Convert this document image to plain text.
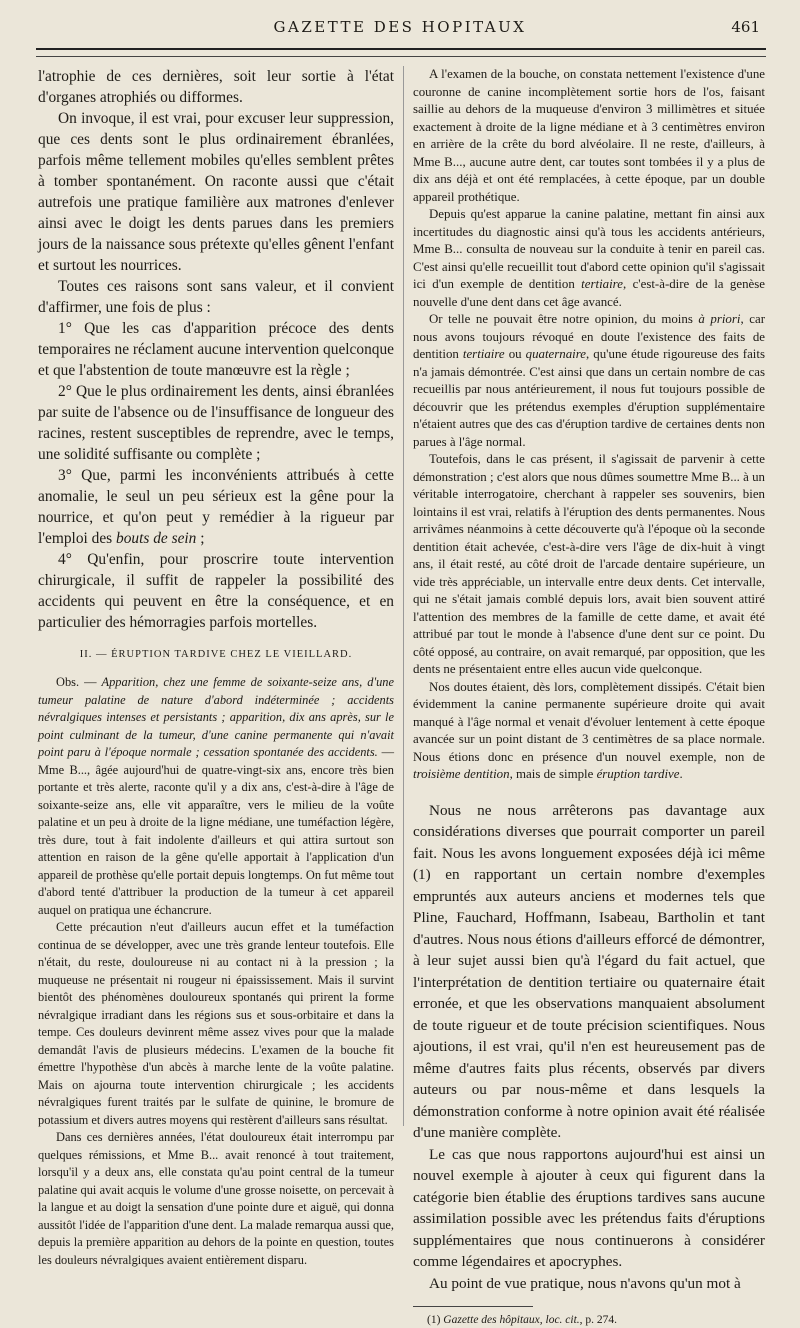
GAZETTE DES HOPITAUX	461

l'atrophie de ces dernières, soit leur sortie à l'état d'organes atrophiés ou difformes.

On invoque, il est vrai, pour excuser leur suppression, que ces dents sont le plus ordinairement ébranlées, parfois même tellement mobiles qu'elles semblent prêtes à tomber spontanément. On raconte aussi que c'était autrefois une pratique familière aux matrones d'enlever ainsi avec le doigt les dents parues dans les premiers jours de la naissance sous prétexte qu'elles gênent l'enfant et surtout les nourrices.

Toutes ces raisons sont sans valeur, et il convient d'affirmer, une fois de plus :

1° Que les cas d'apparition précoce des dents temporaires ne réclament aucune intervention quelconque et que l'abstention de toute manœuvre est la règle ;

2° Que le plus ordinairement les dents, ainsi ébranlées par suite de l'absence ou de l'insuffisance de longueur des racines, restent susceptibles de reprendre, avec le temps, une solidité suffisante ou complète ;

3° Que, parmi les inconvénients attribués à cette anomalie, le seul un peu sérieux est la gêne pour la nourrice, et qu'on peut y remédier à la rigueur par l'emploi des bouts de sein ;

4° Qu'enfin, pour proscrire toute intervention chirurgicale, il suffit de rappeler la possibilité des accidents qui peuvent en être la conséquence, et en particulier des hémorragies parfois mortelles.

II. — ÉRUPTION TARDIVE CHEZ LE VIEILLARD.

Obs. — Apparition, chez une femme de soixante-seize ans, d'une tumeur palatine de nature d'abord indéterminée ; accidents névralgiques intenses et persistants ; apparition, dix ans après, sur le point culminant de la tumeur, d'une canine permanente qui n'avait point paru à l'époque normale ; cessation spontanée des accidents. — Mme B..., âgée aujourd'hui de quatre-vingt-six ans, encore très bien portante et très alerte, raconte qu'il y a dix ans, c'est-à-dire à l'âge de soixante-seize ans, elle vit apparaître, vers le milieu de la voûte palatine et un peu à droite de la ligne médiane, une tuméfaction légère, très dure, tout à fait indolente d'ailleurs et qui attira surtout son attention en raison de la gêne qu'elle apportait à l'application d'un appareil de prothèse qu'elle portait depuis longtemps. On fut même tout d'abord tenté d'attribuer la production de la tumeur à cet appareil auquel on pratiqua une échancrure.

Cette précaution n'eut d'ailleurs aucun effet et la tuméfaction continua de se développer, avec une très grande lenteur toutefois. Elle n'était, du reste, douloureuse ni au contact ni à la pression ; la muqueuse ne présentait ni rougeur ni épaississement. Mais il survint bientôt des phénomènes douloureux spontanés qui prirent la forme névralgique irradiant dans les régions sus et sous-orbitaire et dans la tempe. Ces douleurs devinrent même assez vives pour que la malade demandât l'avis de plusieurs médecins. L'examen de la bouche fit émettre l'hypothèse d'un abcès à marche lente de la voûte palatine. Mais on ajourna toute intervention chirurgicale ; les accidents névralgiques furent traités par le sulfate de quinine, le bromure de potassium et divers autres moyens qui restèrent d'ailleurs sans résultat.

Dans ces dernières années, l'état douloureux était interrompu par quelques rémissions, et Mme B... avait renoncé à tout traitement, lorsqu'il y a deux ans, elle constata qu'au point central de la tumeur palatine qui avait acquis le volume d'une grosse noisette, on percevait à la langue et au doigt la sensation d'une pointe dure et aiguë, qui donna aussitôt l'idée de l'apparition d'une dent. La malade remarqua aussi que, depuis la première apparition au dehors de la pointe en question, toutes les douleurs névralgiques avaient entièrement disparu.

A l'examen de la bouche, on constata nettement l'existence d'une couronne de canine incomplètement sortie hors de l'os, faisant saillie au dehors de la muqueuse d'environ 3 millimètres et située exactement à droite de la ligne médiane et à 3 centimètres environ en arrière de la crête du bord alvéolaire. Il ne reste, d'ailleurs, à Mme B..., aucune autre dent, car toutes sont tombées il y a plus de dix ans déjà et ont été remplacées, à cette époque, par un double appareil prothétique.

Depuis qu'est apparue la canine palatine, mettant fin ainsi aux incertitudes du diagnostic ainsi qu'à tous les accidents antérieurs, Mme B... consulta de nouveau sur la conduite à tenir en pareil cas. C'est ainsi qu'elle recueillit tout d'abord cette opinion qu'il s'agissait ici d'un exemple de dentition tertiaire, c'est-à-dire de la genèse nouvelle d'une dent dans cet âge avancé.

Or telle ne pouvait être notre opinion, du moins à priori, car nous avons toujours révoqué en doute l'existence des faits de dentition tertiaire ou quaternaire, qu'une étude rigoureuse des faits n'a jamais démontrée. C'est ainsi que dans un certain nombre de cas recueillis par nous antérieurement, il nous fut toujours possible de découvrir que les prétendus exemples d'éruption supplémentaire n'étaient autres que des cas d'éruption tardive de certaines dents non parues à l'âge normal.

Toutefois, dans le cas présent, il s'agissait de parvenir à cette démonstration ; c'est alors que nous dûmes soumettre Mme B... à un véritable interrogatoire, cherchant à rappeler ses souvenirs, bien lointains il est vrai, relatifs à l'éruption des dents permanentes. Nous arrivâmes néanmoins à cette découverte qu'à l'époque où la seconde dentition était achevée, c'est-à-dire vers l'âge de dix-huit à vingt ans, il était resté, au côté droit de l'arcade dentaire supérieure, un vide très appréciable, un intervalle entre deux dents. Cet intervalle, qui ne s'était jamais comblé depuis lors, avait bien souvent attiré l'attention des membres de la famille de cette dame, et avait été attribué par tout le monde à l'absence d'une dent sur ce point. Du côté opposé, au contraire, on avait remarqué, par opposition, que les dents ne présentaient entre elles aucun vide quelconque.

Nos doutes étaient, dès lors, complètement dissipés. C'était bien évidemment la canine permanente supérieure droite qui avait manqué à l'âge normal et venait d'évoluer lentement à cette époque avancée sur un point distant de 3 centimètres de sa place normale. Nous étions donc en présence d'un nouvel exemple, non de troisième dentition, mais de simple éruption tardive.

Nous ne nous arrêterons pas davantage aux considérations diverses que pourrait comporter un pareil fait. Nous les avons longuement exposées déjà ici même (1) en rapportant un certain nombre d'exemples empruntés aux auteurs anciens et modernes tels que Pline, Fauchard, Hoffmann, Isabeau, Bartholin et tant d'autres. Nous nous étions d'ailleurs efforcé de démontrer, à leur sujet aussi bien qu'à l'égard du fait actuel, que l'interprétation de dentition tertiaire ou quaternaire était erronée, et que les observations manquaient absolument de toute rigueur et de toute précision scientifiques. Nous ajoutions, il est vrai, qu'il n'en est heureusement pas de même d'autres faits plus récents, observés par divers auteurs ou par nous-même et dans lesquels la démonstration conforme à notre opinion avait été réalisée d'une manière complète.

Le cas que nous rapportons aujourd'hui est ainsi un nouvel exemple à ajouter à ceux qui figurent dans la catégorie bien établie des éruptions tardives sans aucune assimilation possible avec les prétendus faits d'éruptions supplémentaires que nous continuerons à considérer comme légendaires et apocryphes.

Au point de vue pratique, nous n'avons qu'un mot à

(1) Gazette des hôpitaux, loc. cit., p. 274.
